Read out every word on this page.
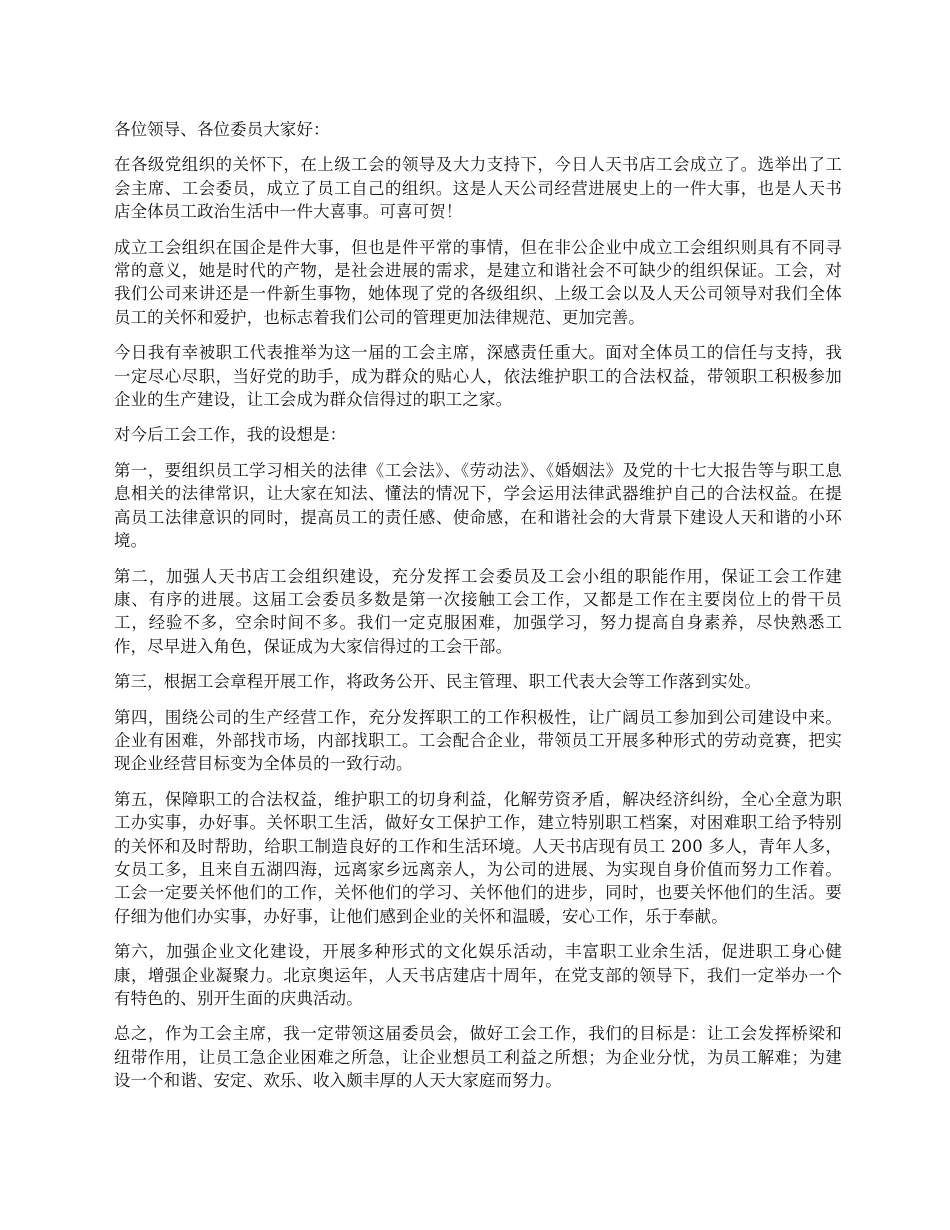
各位领导、各位委员大家好：

在各级党组织的关怀下，在上级工会的领导及大力支持下，今日人天书店工会成立了。选举出了工会主席、工会委员，成立了员工自己的组织。这是人天公司经营进展史上的一件大事，也是人天书店全体员工政治生活中一件大喜事。可喜可贺！

成立工会组织在国企是件大事，但也是件平常的事情，但在非公企业中成立工会组织则具有不同寻常的意义，她是时代的产物，是社会进展的需求，是建立和谐社会不可缺少的组织保证。工会，对我们公司来讲还是一件新生事物，她体现了党的各级组织、上级工会以及人天公司领导对我们全体员工的关怀和爱护，也标志着我们公司的管理更加法律规范、更加完善。

今日我有幸被职工代表推举为这一届的工会主席，深感责任重大。面对全体员工的信任与支持，我一定尽心尽职，当好党的助手，成为群众的贴心人，依法维护职工的合法权益，带领职工积极参加企业的生产建设，让工会成为群众信得过的职工之家。

对今后工会工作，我的设想是：

第一，要组织员工学习相关的法律《工会法》、《劳动法》、《婚姻法》及党的十七大报告等与职工息息相关的法律常识，让大家在知法、懂法的情况下，学会运用法律武器维护自己的合法权益。在提高员工法律意识的同时，提高员工的责任感、使命感，在和谐社会的大背景下建设人天和谐的小环境。

第二，加强人天书店工会组织建设，充分发挥工会委员及工会小组的职能作用，保证工会工作建康、有序的进展。这届工会委员多数是第一次接触工会工作，又都是工作在主要岗位上的骨干员工，经验不多，空余时间不多。我们一定克服困难，加强学习，努力提高自身素养，尽快熟悉工作，尽早进入角色，保证成为大家信得过的工会干部。

第三，根据工会章程开展工作，将政务公开、民主管理、职工代表大会等工作落到实处。

第四，围绕公司的生产经营工作，充分发挥职工的工作积极性，让广阔员工参加到公司建设中来。企业有困难，外部找市场，内部找职工。工会配合企业，带领员工开展多种形式的劳动竞赛，把实现企业经营目标变为全体员的一致行动。

第五，保障职工的合法权益，维护职工的切身利益，化解劳资矛盾，解决经济纠纷，全心全意为职工办实事，办好事。关怀职工生活，做好女工保护工作，建立特别职工档案，对困难职工给予特别的关怀和及时帮助，给职工制造良好的工作和生活环境。人天书店现有员工 200 多人，青年人多，女员工多，且来自五湖四海，远离家乡远离亲人，为公司的进展、为实现自身价值而努力工作着。工会一定要关怀他们的工作，关怀他们的学习、关怀他们的进步，同时，也要关怀他们的生活。要仔细为他们办实事，办好事，让他们感到企业的关怀和温暖，安心工作，乐于奉献。

第六，加强企业文化建设，开展多种形式的文化娱乐活动，丰富职工业余生活，促进职工身心健康，增强企业凝聚力。北京奥运年，人天书店建店十周年，在党支部的领导下，我们一定举办一个有特色的、别开生面的庆典活动。

总之，作为工会主席，我一定带领这届委员会，做好工会工作，我们的目标是：让工会发挥桥梁和纽带作用，让员工急企业困难之所急，让企业想员工利益之所想；为企业分忧，为员工解难；为建设一个和谐、安定、欢乐、收入颇丰厚的人天大家庭而努力。
